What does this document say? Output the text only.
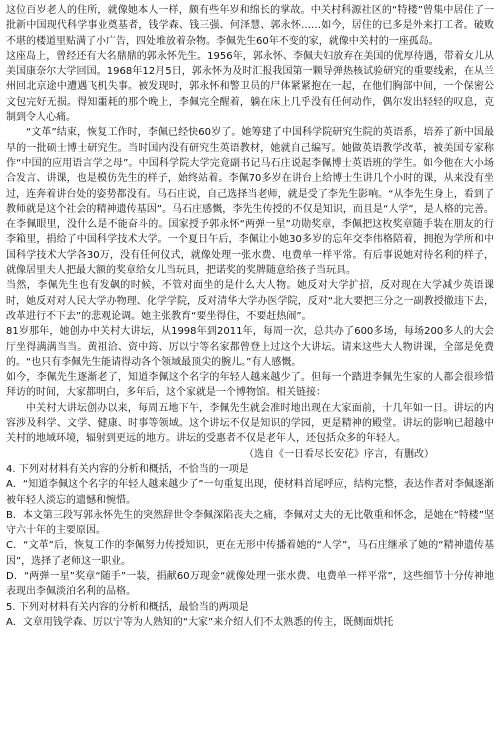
这位百岁老人的住所，就像她本人一样，颇有些年岁和绵长的掌故。中关村科源社区的“特楼”曾集中居住了一批新中国现代科学事业奠基者，钱学森、钱三强、何泽慧、郭永怀……如今，居住的已多是外来打工者。破败不堪的楼道里贴满了小广告，四处堆放着杂物。李佩先生60年不变的家，就像中关村的一座孤岛。

这座岛上，曾经还有大名鼎鼎的郭永怀先生。1956年，郭永怀、李佩夫妇放弃在美国的优厚待遇，带着女儿从美国康奈尔大学回国。1968年12月5日，郭永怀为及时汇报我国第一颗导弹热核试验研究的重要线索，在从兰州回北京途中遭遇飞机失事。被发现时，郭永怀和警卫员的尸体紧紧抱在一起，在他们胸部中间，一个保密公文包完好无损。得知噩耗的那个晚上，李佩完全醒着，躺在床上几乎没有任何动作，偶尔发出轻轻的叹息，克制到令人心痛。

“文革”结束，恢复工作时，李佩已经快60岁了。她筹建了中国科学院研究生院的英语系，培养了新中国最早的一批硕士博士研究生。当时国内没有研究生英语教材，她就自己编写。她做英语教学改革，被美国专家称作“中国的应用语言学之母”。中国科学院大学完竟副书记马石庄说起李佩博士英语班的学生。如今他在大小场合发言、讲课，也是模仿先生的样子，始终站着。李佩70多岁在讲台上给博士生讲几个小时的课，从来没有坐过，连奔着讲台处的姿势都没有。马石庄说，自己选择当老师，就是受了李先生影响。“从李先生身上，看到了教师就是这个社会的精神遗传基因”。马石庄感慨，李先生传授的不仅是知识，而且是“人学”，是人格的完善。在李佩眼里，没什么是不能奋斗的。国家授予郭永怀“两弹一星”功勋奖章，李佩把这枚奖章随手装在朋友的行李箱里，捐给了中国科学技术大学。一个夏日午后，李佩让小她30多岁的忘年交李伟格陪着，拥抱为学所和中国科学技术大学各30万，没有任何仪式，就像处理一张水费、电费单一样平常。有后事说她对待名利的样子，就像居里夫人把最大额的奖章给女儿当玩具，把诺奖的奖牌随意给孩子当玩具。

当然，李佩先生也有发飙的时候，不管对面坐的是什么大人物。她反对大学扩招，反对现在大学减少英语课时，她反对对人民大学办物理、化学学院，反对清华大学办医学院，反对“北大要把三分之一副教授撤违下去，改革进行不下去”的悲观论调。她主张教育“要坐得住，不要赶热闹”。

81岁那年，她创办中关村大讲坛，从1998年到2011年，每周一次，总共办了600多场，每场200多人的大会厅坐得满满当当。黄祖洽、资中筠、厉以宁等名家都曾登上过这个大讲坛。请来这些大人物讲课，全部是免费的。“也只有李佩先生能请得动各个领域最顶尖的腕儿。”有人感慨。

如今，李佩先生逐渐老了，知道李佩这个名字的年轻人越来越少了。但每一个踏进李佩先生家的人都会很珍惜拜访的时间，大家都明白，多年后，这个家就是一个博物馆。相关链接：

中关村大讲坛创办以来，每周五地下午，李佩先生就会准时地出现在大家面前，十几年如一日。讲坛的内容涉及科学、文学、健康、时事等领域。这个讲坛不仅是知识的学园，更是精神的殿堂。讲坛的影响已超越中关村的地域环境，辐射到更远的地方。讲坛的受惠者不仅是老年人，还包括众多的年轻人。

（选自《一日看尽长安花》序言，有删改）

4. 下列对材料有关内容的分析和概括，不恰当的一项是

A．“知道李佩这个名字的年轻人越来越少了”一句重复出现，使材料首尾呼应，结构完整，表达作者对李佩逐渐被年轻人淡忘的遗憾和惋惜。

B．本文第三段写郭永怀先生的突然辞世令李佩深陷丧夫之痛，李佩对丈夫的无比敬重和怀念，是她在“特楼”坚守六十年的主要原因。

C．“文革”后，恢复工作的李佩努力传授知识，更在无形中传播着她的“人学”，马石庄继承了她的“精神遗传基因”，选择了老师这一职业。

D．“两弹一星”奖章“随手”一装，捐献60万现金“就像处理一张水费、电费单一样平常”，这些细节十分传神地表现出李佩淡泊名利的品格。

5. 下列对材料有关内容的分析和概括，最恰当的两项是

A．文章用钱学森、厉以宁等为人熟知的“大家”来介绍人们不太熟悉的传主，既侧面烘托
